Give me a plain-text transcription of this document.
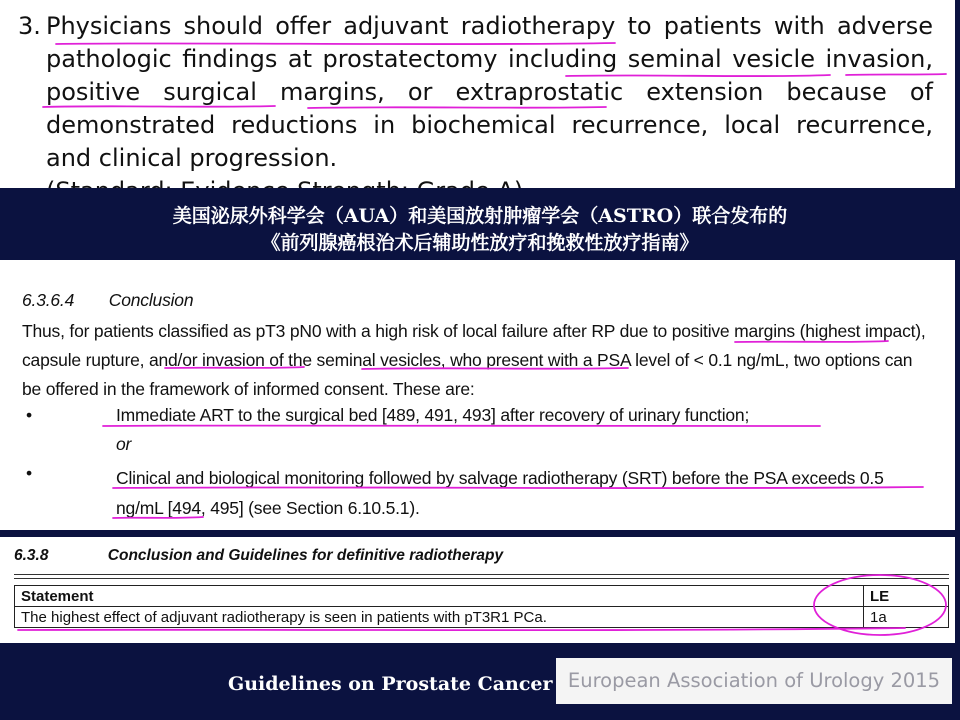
3. Physicians should offer adjuvant radiotherapy to patients with adverse pathologic findings at prostatectomy including seminal vesicle invasion, positive surgical margins, or extraprostatic extension because of demonstrated reductions in biochemical recurrence, local recurrence, and clinical progression.
美国泌尿外科学会（AUA）和美国放射肿瘤学会（ASTRO）联合发布的
《前列腺癌根治术后辅助性放疗和挽救性放疗指南》
6.3.6.4 Conclusion
Thus, for patients classified as pT3 pN0 with a high risk of local failure after RP due to positive margins (highest impact), capsule rupture, and/or invasion of the seminal vesicles, who present with a PSA level of < 0.1 ng/mL, two options can be offered in the framework of informed consent. These are:
•	Immediate ART to the surgical bed [489, 491, 493] after recovery of urinary function;
or
•	Clinical and biological monitoring followed by salvage radiotherapy (SRT) before the PSA exceeds 0.5 ng/mL [494, 495] (see Section 6.10.5.1).
6.3.8	Conclusion and Guidelines for definitive radiotherapy
Statement	LE
The highest effect of adjuvant radiotherapy is seen in patients with pT3R1 PCa.	1a
Guidelines on Prostate Cancer European Association of Urology 2015
